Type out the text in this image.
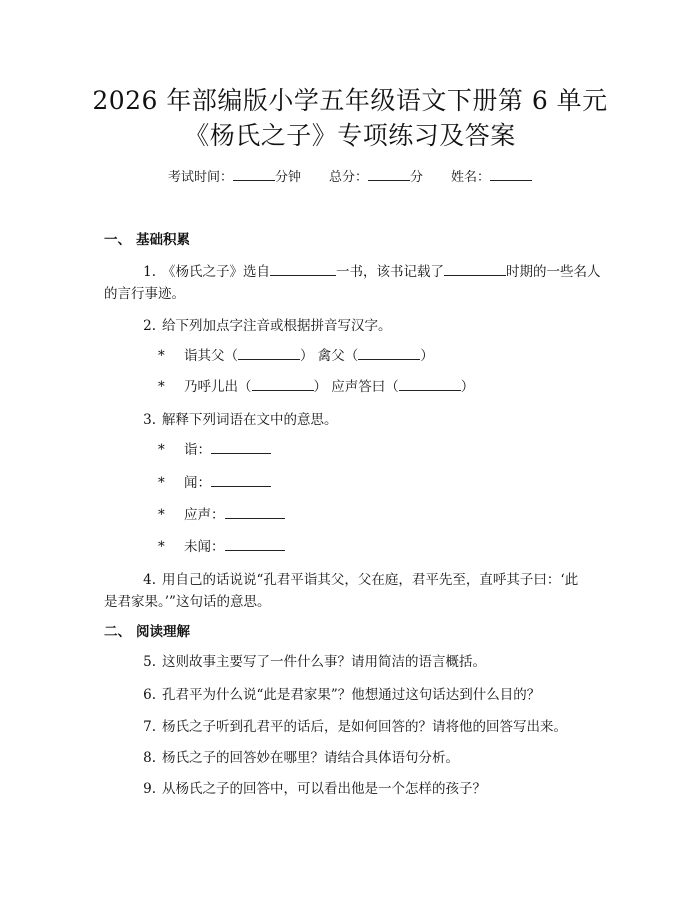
2026 年部编版小学五年级语文下册第 6 单元
《杨氏之子》专项练习及答案
考试时间：	分钟 总分：	分 姓名：
一、 基础积累
1. 《杨氏之子》选自	一书，该书记载了	时期的一些名人
的言行事迹。
2. 给下列加点字注音或根据拼音写汉字。
* 诣其父（	） 禽父（	）
* 乃呼儿出（	） 应声答曰（	）
3. 解释下列词语在文中的意思。
* 诣：
* 闻：
* 应声：
* 未闻：
4. 用自己的话说说“孔君平诣其父，父在庭，君平先至，直呼其子曰：‘此
是君家果。’”这句话的意思。
二、 阅读理解
5. 这则故事主要写了一件什么事？请用简洁的语言概括。
6. 孔君平为什么说“此是君家果”？他想通过这句话达到什么目的？
7. 杨氏之子听到孔君平的话后，是如何回答的？请将他的回答写出来。
8. 杨氏之子的回答妙在哪里？请结合具体语句分析。
9. 从杨氏之子的回答中，可以看出他是一个怎样的孩子？
